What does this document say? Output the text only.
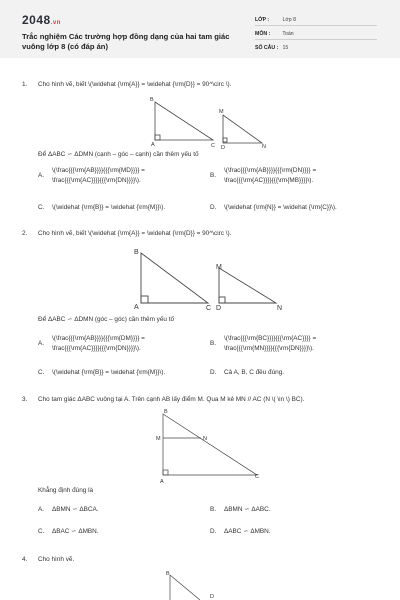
2048.vn
Trắc nghiệm Các trường hợp đồng dạng của hai tam giác
vuông lớp 8 (có đáp án)
LỚP :	Lớp 8
MÔN : Toán
SỐ CÂU : 15
1. Cho hình vẽ, biết \(\widehat {\rm{A}} = \widehat {\rm{D}} = 90^\circ \).
B
A	C
M
D	N
Để ΔABC ∽ ΔDMN (cạnh – góc – cạnh) cần thêm yếu tố
A.
\(\frac{{{\rm{AB}}}}{{{\rm{MD}}}} =
\frac{{{\rm{AC}}}}{{{\rm{DN}}}}\).
B.
\(\frac{{{\rm{AB}}}}{{{\rm{DN}}}} =
\frac{{{\rm{AC}}}}{{{\rm{MB}}}}\).
C. \(\widehat {\rm{B}} = \widehat {\rm{M}}\).	D. \(\widehat {\rm{N}} = \widehat {\rm{C}}\).
2. Cho hình vẽ, biết \(\widehat {\rm{A}} = \widehat {\rm{D}} = 90^\circ \).
B
A	C
M
D	N
Để ΔABC ∽ ΔDMN (góc – góc) cần thêm yếu tố
A.
\(\frac{{{\rm{AB}}}}{{{\rm{DM}}}} =
\frac{{{\rm{AC}}}}{{{\rm{DN}}}}\).
B.
\(\frac{{{\rm{BC}}}}{{{\rm{AC}}}} =
\frac{{{\rm{MN}}}}{{{\rm{DN}}}}\).
C. \(\widehat {\rm{B}} = \widehat {\rm{M}}\).	D. Cả A, B, C đều đúng.
3. Cho tam giác ΔABC vuông tại A. Trên cạnh AB lấy điểm M. Qua M kẻ MN // AC (N \( \in \) BC).
B
M	N
A
C
Khẳng định đúng là
A. ΔBMN ∽ ΔBCA.	B. ΔBMN ∽ ΔABC.
C. ΔBAC ∽ ΔMBN.	D. ΔABC ∽ ΔMBN.
4. Cho hình vẽ.
B
D
